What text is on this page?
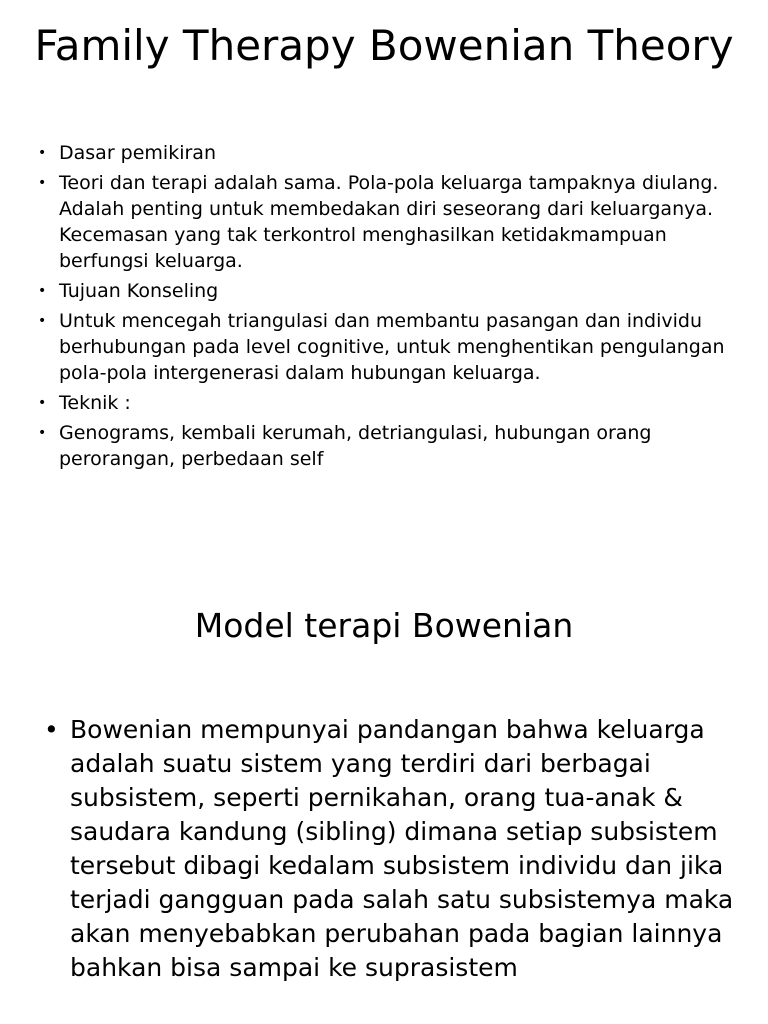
Family Therapy Bowenian Theory
• Dasar pemikiran
• Teori dan terapi adalah sama. Pola-pola keluarga tampaknya diulang. Adalah penting untuk membedakan diri seseorang dari keluarganya. Kecemasan yang tak terkontrol menghasilkan ketidakmampuan berfungsi keluarga.
• Tujuan Konseling
• Untuk mencegah triangulasi dan membantu pasangan dan individu berhubungan pada level cognitive, untuk menghentikan pengulangan pola-pola intergenerasi dalam hubungan keluarga.
• Teknik :
• Genograms, kembali kerumah, detriangulasi, hubungan orang perorangan, perbedaan self
Model terapi Bowenian
• Bowenian mempunyai pandangan bahwa keluarga adalah suatu sistem yang terdiri dari berbagai subsistem, seperti pernikahan, orang tua-anak & saudara kandung (sibling) dimana setiap subsistem tersebut dibagi kedalam subsistem individu dan jika terjadi gangguan pada salah satu subsistemya maka akan menyebabkan perubahan pada bagian lainnya bahkan bisa sampai ke suprasistem
